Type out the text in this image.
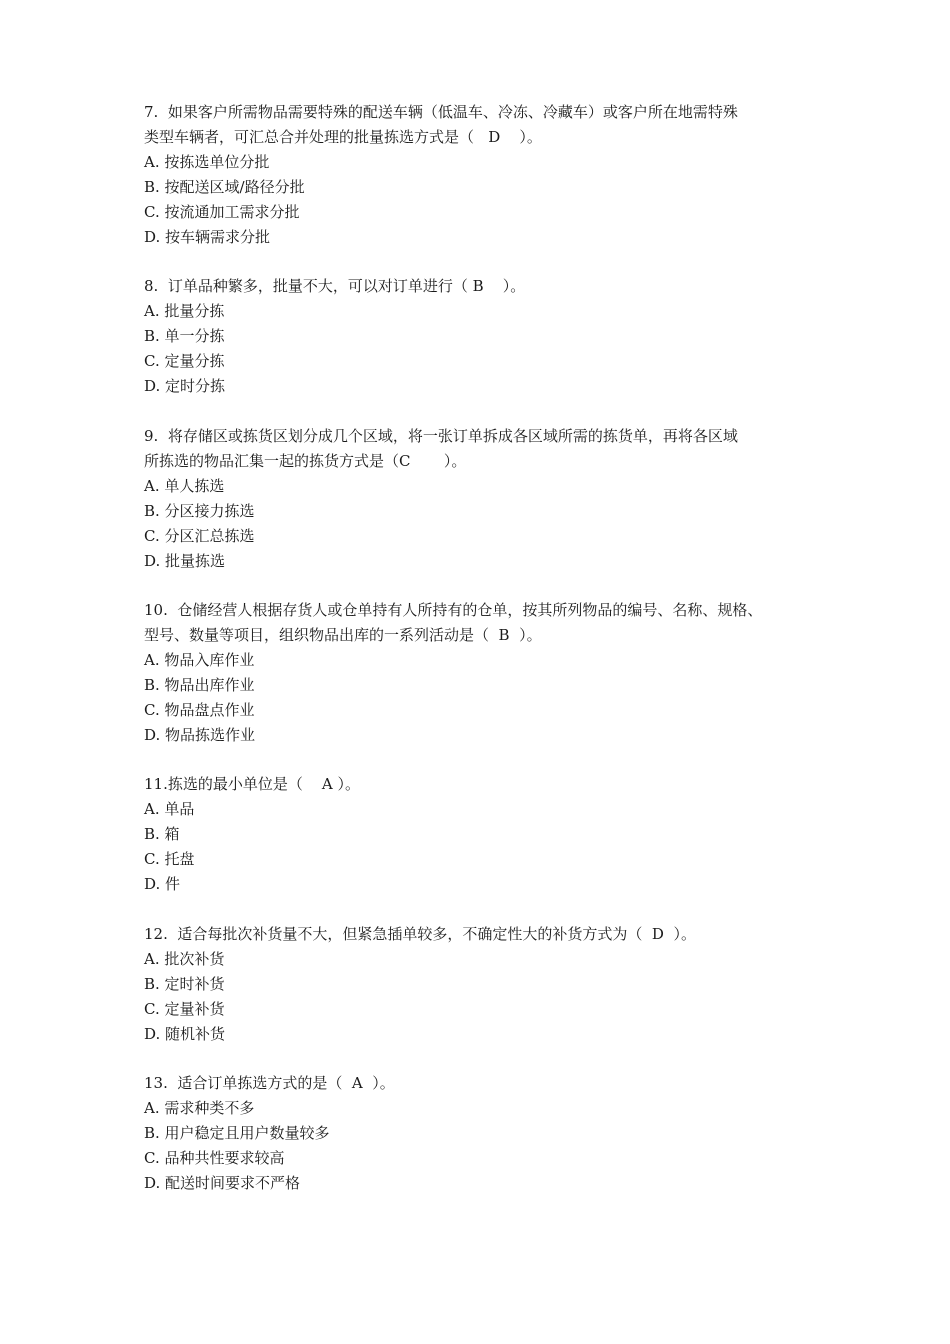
7.  如果客户所需物品需要特殊的配送车辆（低温车、冷冻、冷藏车）或客户所在地需特殊
类型车辆者，可汇总合并处理的批量拣选方式是（   D    ）。
A. 按拣选单位分批
B. 按配送区域/路径分批
C. 按流通加工需求分批
D. 按车辆需求分批
8.  订单品种繁多，批量不大，可以对订单进行（ B    ）。
A. 批量分拣
B. 单一分拣
C. 定量分拣
D. 定时分拣
9.  将存储区或拣货区划分成几个区域，将一张订单拆成各区域所需的拣货单，再将各区域
所拣选的物品汇集一起的拣货方式是（C       ）。
A. 单人拣选
B. 分区接力拣选
C. 分区汇总拣选
D. 批量拣选
10.  仓储经营人根据存货人或仓单持有人所持有的仓单，按其所列物品的编号、名称、规格、
型号、数量等项目，组织物品出库的一系列活动是（  B  ）。
A. 物品入库作业
B. 物品出库作业
C. 物品盘点作业
D. 物品拣选作业
11.拣选的最小单位是（    A ）。
A. 单品
B. 箱
C. 托盘
D. 件
12.  适合每批次补货量不大，但紧急插单较多，不确定性大的补货方式为（  D  ）。
A. 批次补货
B. 定时补货
C. 定量补货
D. 随机补货
13.  适合订单拣选方式的是（  A  ）。
A. 需求种类不多
B. 用户稳定且用户数量较多
C. 品种共性要求较高
D. 配送时间要求不严格
